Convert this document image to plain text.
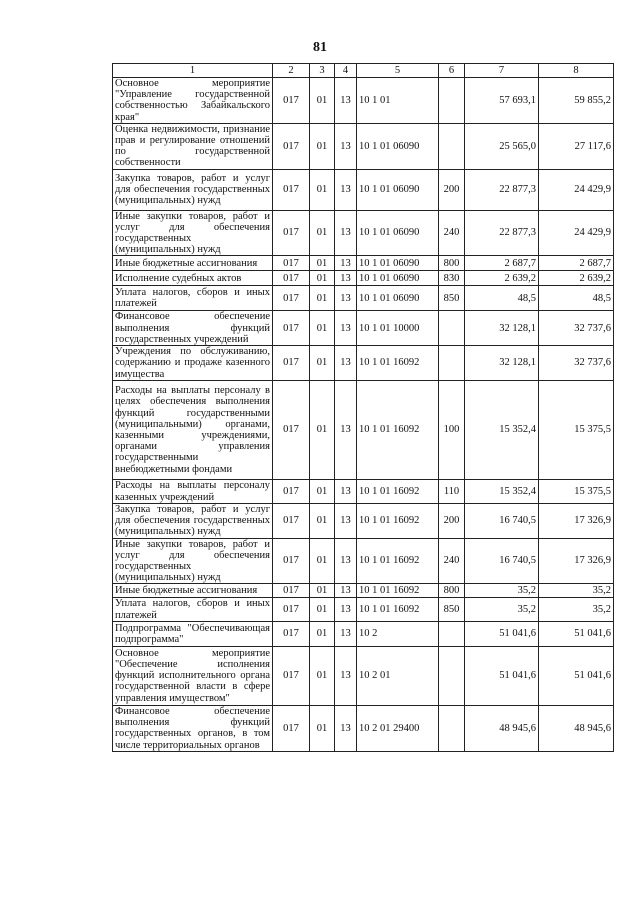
81
1	2	3	4	5	6	7	8
Основное мероприятие "Управление государственной собственностью Забайкальского края"	017	01	13	10 1 01		57 693,1	59 855,2
Оценка недвижимости, признание прав и регулирование отношений по государственной собственности	017	01	13	10 1 01 06090		25 565,0	27 117,6
Закупка товаров, работ и услуг для обеспечения государственных (муниципальных) нужд	017	01	13	10 1 01 06090	200	22 877,3	24 429,9
Иные закупки товаров, работ и услуг для обеспечения государственных (муниципальных) нужд	017	01	13	10 1 01 06090	240	22 877,3	24 429,9
Иные бюджетные ассигнования	017	01	13	10 1 01 06090	800	2 687,7	2 687,7
Исполнение судебных актов	017	01	13	10 1 01 06090	830	2 639,2	2 639,2
Уплата налогов, сборов и иных платежей	017	01	13	10 1 01 06090	850	48,5	48,5
Финансовое обеспечение выполнения функций государственных учреждений	017	01	13	10 1 01 10000		32 128,1	32 737,6
Учреждения по обслуживанию, содержанию и продаже казенного имущества	017	01	13	10 1 01 16092		32 128,1	32 737,6
Расходы на выплаты персоналу в целях обеспечения выполнения функций государственными (муниципальными) органами, казенными учреждениями, органами управления государственными внебюджетными фондами	017	01	13	10 1 01 16092	100	15 352,4	15 375,5
Расходы на выплаты персоналу казенных учреждений	017	01	13	10 1 01 16092	110	15 352,4	15 375,5
Закупка товаров, работ и услуг для обеспечения государственных (муниципальных) нужд	017	01	13	10 1 01 16092	200	16 740,5	17 326,9
Иные закупки товаров, работ и услуг для обеспечения государственных (муниципальных) нужд	017	01	13	10 1 01 16092	240	16 740,5	17 326,9
Иные бюджетные ассигнования	017	01	13	10 1 01 16092	800	35,2	35,2
Уплата налогов, сборов и иных платежей	017	01	13	10 1 01 16092	850	35,2	35,2
Подпрограмма "Обеспечивающая подпрограмма"	017	01	13	10 2		51 041,6	51 041,6
Основное мероприятие "Обеспечение исполнения функций исполнительного органа государственной власти в сфере управления имуществом"	017	01	13	10 2 01		51 041,6	51 041,6
Финансовое обеспечение выполнения функций государственных органов, в том числе территориальных органов	017	01	13	10 2 01 29400		48 945,6	48 945,6
